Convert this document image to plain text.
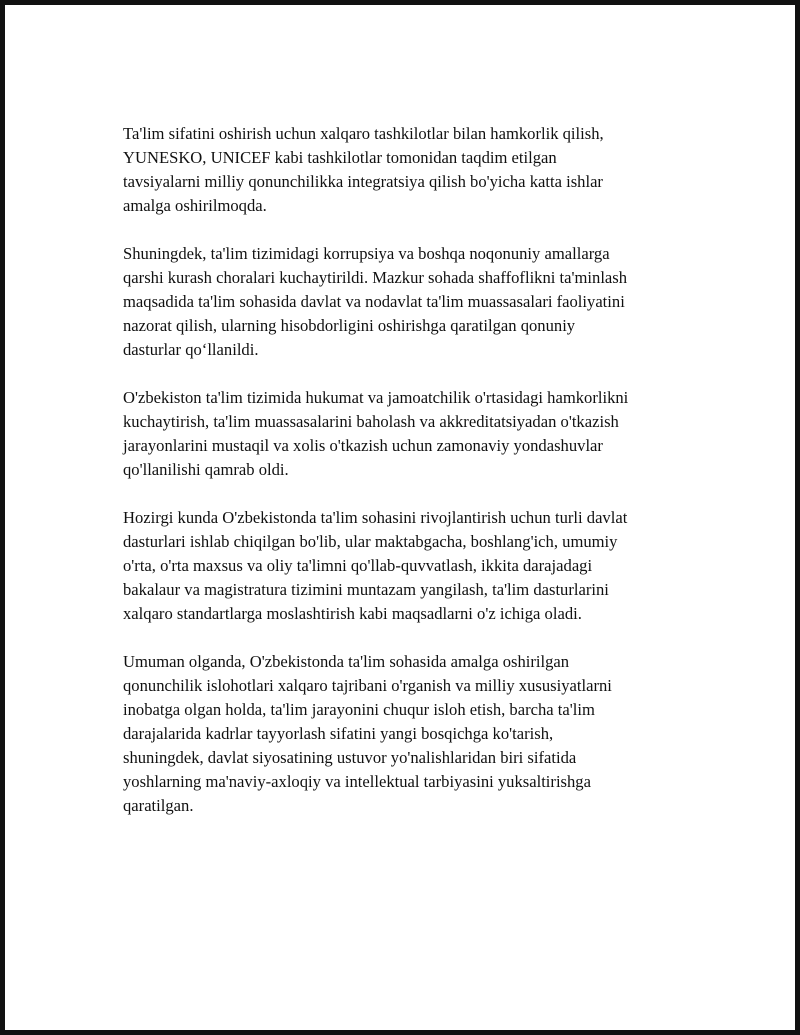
Ta'lim sifatini oshirish uchun xalqaro tashkilotlar bilan hamkorlik qilish,
YUNESKO, UNICEF kabi tashkilotlar tomonidan taqdim etilgan
tavsiyalarni milliy qonunchilikka integratsiya qilish bo'yicha katta ishlar
amalga oshirilmoqda.

Shuningdek, ta'lim tizimidagi korrupsiya va boshqa noqonuniy amallarga
qarshi kurash choralari kuchaytirildi. Mazkur sohada shaffoflikni ta'minlash
maqsadida ta'lim sohasida davlat va nodavlat ta'lim muassasalari faoliyatini
nazorat qilish, ularning hisobdorligini oshirishga qaratilgan qonuniy
dasturlar qo‘llanildi.

O'zbekiston ta'lim tizimida hukumat va jamoatchilik o'rtasidagi hamkorlikni
kuchaytirish, ta'lim muassasalarini baholash va akkreditatsiyadan o'tkazish
jarayonlarini mustaqil va xolis o'tkazish uchun zamonaviy yondashuvlar
qo'llanilishi qamrab oldi.

Hozirgi kunda O'zbekistonda ta'lim sohasini rivojlantirish uchun turli davlat
dasturlari ishlab chiqilgan bo'lib, ular maktabgacha, boshlang'ich, umumiy
o'rta, o'rta maxsus va oliy ta'limni qo'llab-quvvatlash, ikkita darajadagi
bakalaur va magistratura tizimini muntazam yangilash, ta'lim dasturlarini
xalqaro standartlarga moslashtirish kabi maqsadlarni o'z ichiga oladi.

Umuman olganda, O'zbekistonda ta'lim sohasida amalga oshirilgan
qonunchilik islohotlari xalqaro tajribani o'rganish va milliy xususiyatlarni
inobatga olgan holda, ta'lim jarayonini chuqur isloh etish, barcha ta'lim
darajalarida kadrlar tayyorlash sifatini yangi bosqichga ko'tarish,
shuningdek, davlat siyosatining ustuvor yo'nalishlaridan biri sifatida
yoshlarning ma'naviy-axloqiy va intellektual tarbiyasini yuksaltirishga
qaratilgan.
